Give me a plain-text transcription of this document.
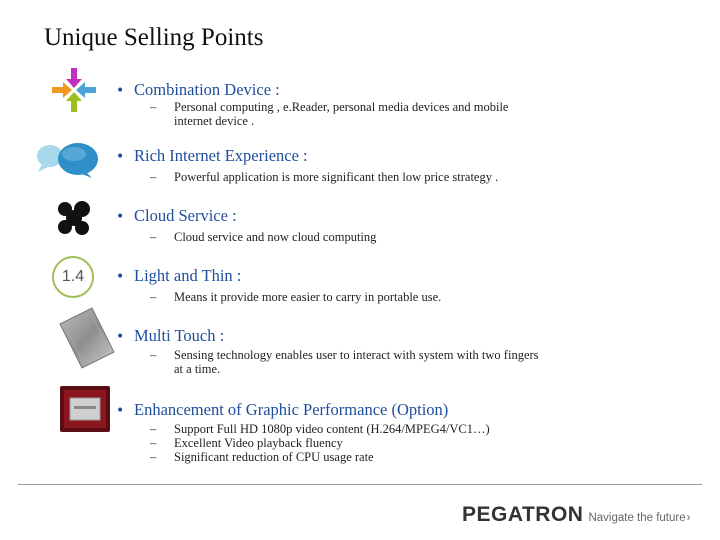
Unique Selling Points
• Combination Device :
– Personal computing , e.Reader, personal media devices and mobile
internet device .
• Rich Internet Experience :
– Powerful application is more significant then low price strategy .
• Cloud Service :
– Cloud service and now cloud computing
1.4 • Light and Thin :
– Means it provide more easier to carry in portable use.
• Multi Touch :
– Sensing technology enables user to interact with system with two fingers
at a time.
• Enhancement of Graphic Performance (Option)
– Support Full HD 1080p video content (H.264/MPEG4/VC1…)
– Excellent Video playback fluency
– Significant reduction of CPU usage rate
PEGATRON Navigate the future›
